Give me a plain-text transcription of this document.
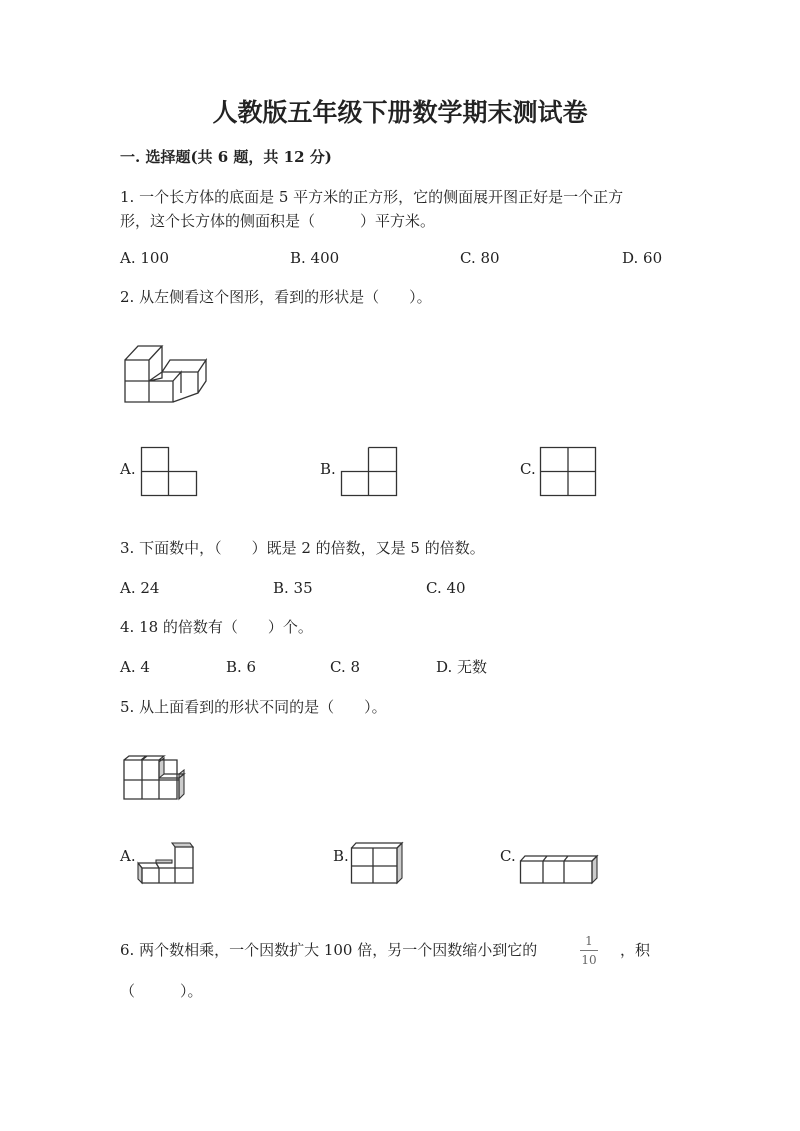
人教版五年级下册数学期末测试卷
一. 选择题(共 6 题，共 12 分)
1. 一个长方体的底面是 5 平方米的正方形，它的侧面展开图正好是一个正方
形，这个长方体的侧面积是（　　　）平方米。
A. 100	B. 400	C. 80	D. 60
2. 从左侧看这个图形，看到的形状是（　　）。
A.	B.	C.
3. 下面数中，（　　）既是 2 的倍数，又是 5 的倍数。
A. 24	B. 35	C. 40
4. 18 的倍数有（　　）个。
A. 4	B. 6	C. 8	D. 无数
5. 从上面看到的形状不同的是（　　）。
A.	B.	C.
6. 两个数相乘，一个因数扩大 100 倍，另一个因数缩小到它的	1
10
，积
（　　　）。
